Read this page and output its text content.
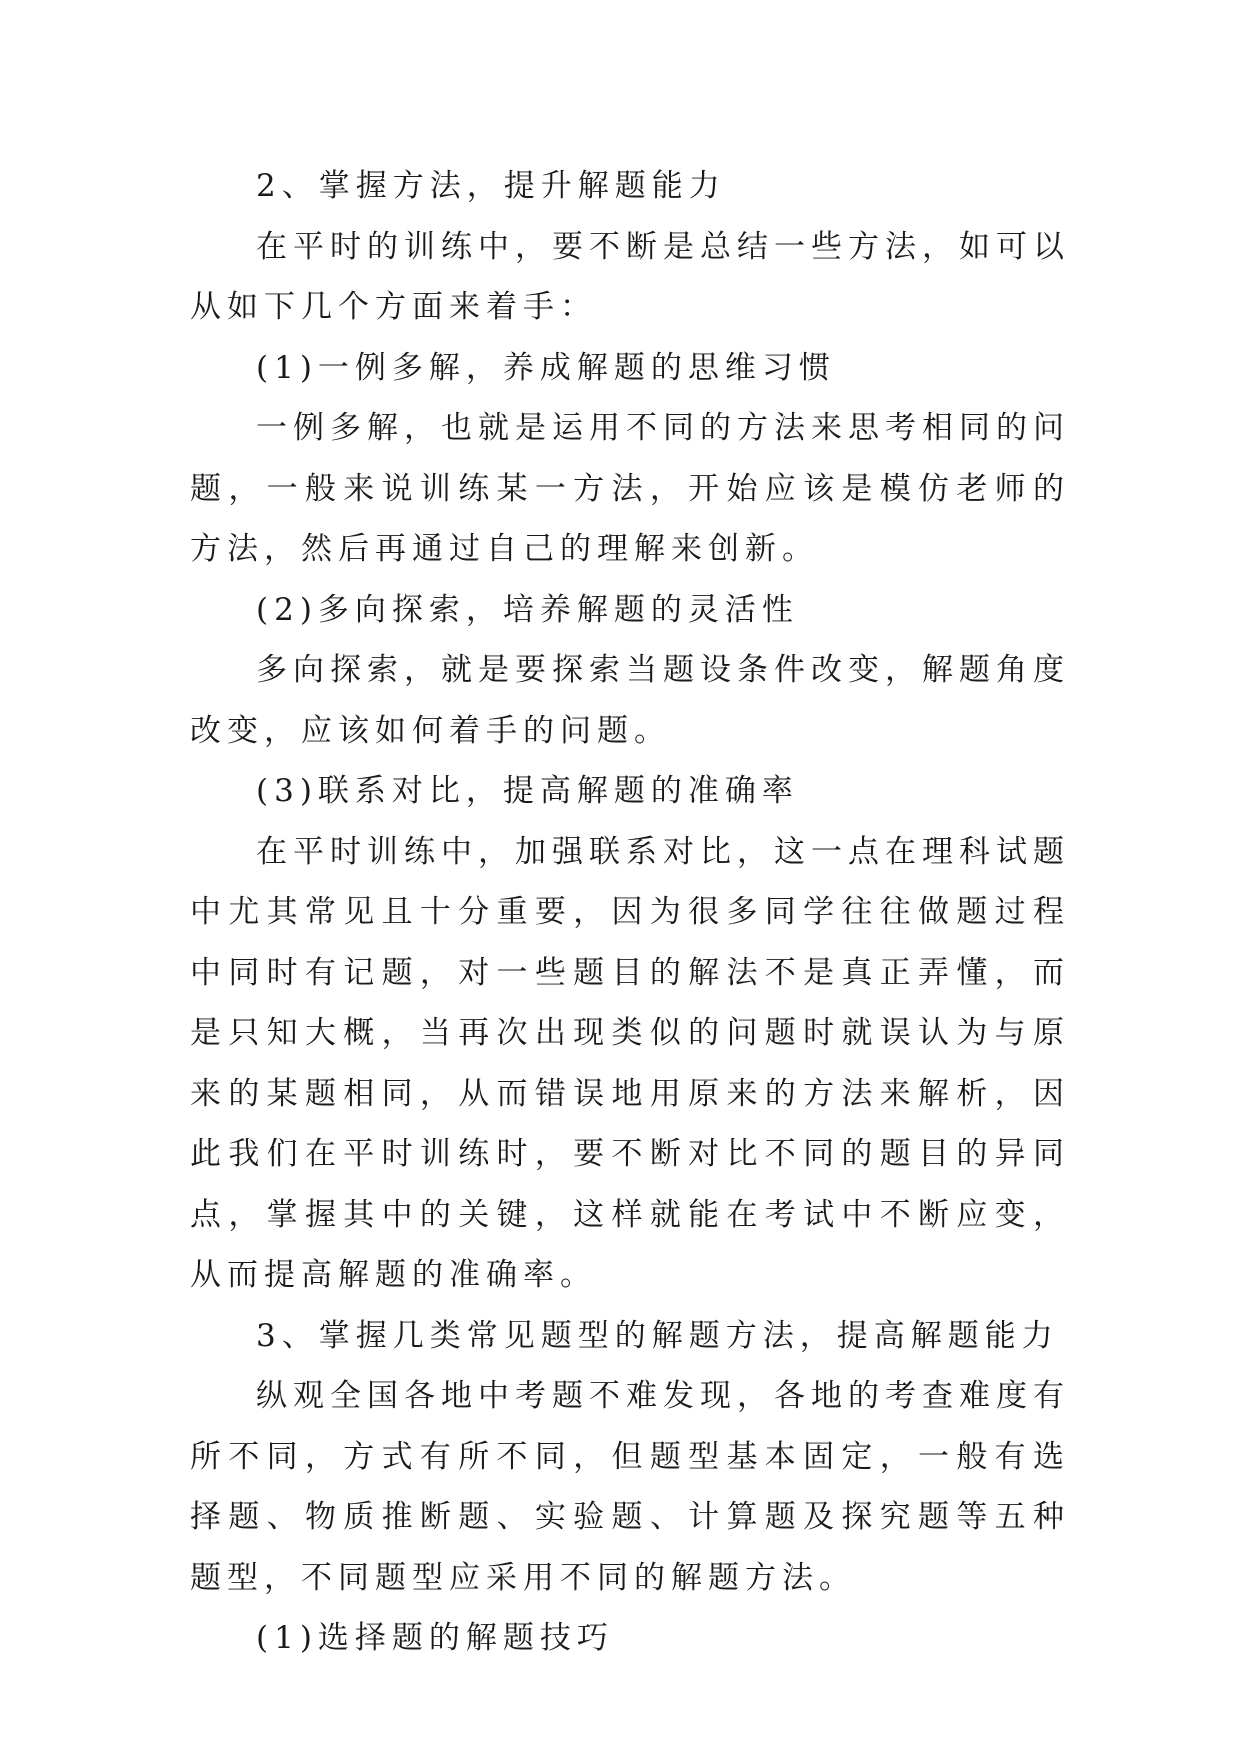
2、掌握方法，提升解题能力

在平时的训练中，要不断是总结一些方法，如可以从如下几个方面来着手：

(1)一例多解，养成解题的思维习惯

一例多解，也就是运用不同的方法来思考相同的问题，一般来说训练某一方法，开始应该是模仿老师的方法，然后再通过自己的理解来创新。

(2)多向探索，培养解题的灵活性

多向探索，就是要探索当题设条件改变，解题角度改变，应该如何着手的问题。

(3)联系对比，提高解题的准确率

在平时训练中，加强联系对比，这一点在理科试题中尤其常见且十分重要，因为很多同学往往做题过程中同时有记题，对一些题目的解法不是真正弄懂，而是只知大概，当再次出现类似的问题时就误认为与原来的某题相同，从而错误地用原来的方法来解析，因此我们在平时训练时，要不断对比不同的题目的异同点，掌握其中的关键，这样就能在考试中不断应变，从而提高解题的准确率。

3、掌握几类常见题型的解题方法，提高解题能力

纵观全国各地中考题不难发现，各地的考查难度有所不同，方式有所不同，但题型基本固定，一般有选择题、物质推断题、实验题、计算题及探究题等五种题型，不同题型应采用不同的解题方法。

(1)选择题的解题技巧
